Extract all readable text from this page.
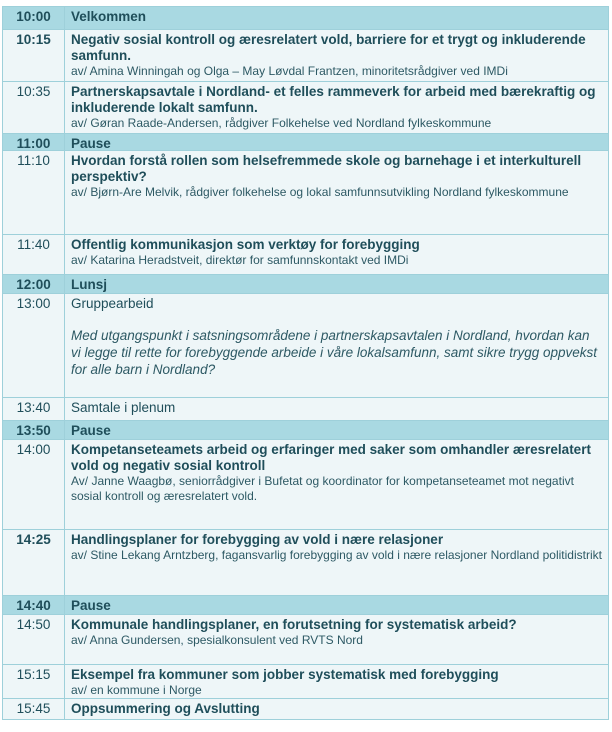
10:00	Velkommen
10:15	Negativ sosial kontroll og æresrelatert vold, barriere for et trygt og inkluderende samfunn.
av/ Amina Winningah og Olga – May Løvdal Frantzen, minoritetsrådgiver ved IMDi
10:35	Partnerskapsavtale i Nordland- et felles rammeverk for arbeid med bærekraftig og inkluderende lokalt samfunn.
av/ Gøran Raade-Andersen, rådgiver Folkehelse ved Nordland fylkeskommune
11:00	Pause
11:10	Hvordan forstå rollen som helsefremmede skole og barnehage i et interkulturell perspektiv?
av/ Bjørn-Are Melvik, rådgiver folkehelse og lokal samfunnsutvikling Nordland fylkeskommune
11:40	Offentlig kommunikasjon som verktøy for forebygging
av/ Katarina Heradstveit, direktør for samfunnskontakt ved IMDi
12:00	Lunsj
13:00	Gruppearbeid
Med utgangspunkt i satsningsområdene i partnerskapsavtalen i Nordland, hvordan kan vi legge til rette for forebyggende arbeide i våre lokalsamfunn, samt sikre trygg oppvekst for alle barn i Nordland?
13:40	Samtale i plenum
13:50	Pause
14:00	Kompetanseteamets arbeid og erfaringer med saker som omhandler æresrelatert vold og negativ sosial kontroll
Av/ Janne Waagbø, seniorrådgiver i Bufetat og koordinator for kompetanseteamet mot negativt sosial kontroll og æresrelatert vold.
14:25	Handlingsplaner for forebygging av vold i nære relasjoner
av/ Stine Lekang Arntzberg, fagansvarlig forebygging av vold i nære relasjoner Nordland politidistrikt
14:40	Pause
14:50	Kommunale handlingsplaner, en forutsetning for systematisk arbeid?
av/ Anna Gundersen, spesialkonsulent ved RVTS Nord
15:15	Eksempel fra kommuner som jobber systematisk med forebygging
av/ en kommune i Norge
15:45	Oppsummering og Avslutting
